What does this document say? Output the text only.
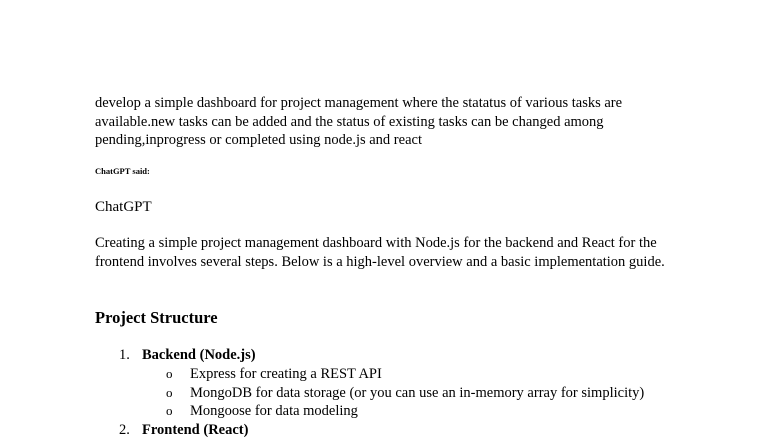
develop a simple dashboard for project management where the statatus of various tasks are available.new tasks can be added and the status of existing tasks can be changed among pending,inprogress or completed using node.js and react

ChatGPT said:

ChatGPT

Creating a simple project management dashboard with Node.js for the backend and React for the frontend involves several steps. Below is a high-level overview and a basic implementation guide.

Project Structure
1. Backend (Node.js)
o Express for creating a REST API
o MongoDB for data storage (or you can use an in-memory array for simplicity)
o Mongoose for data modeling
2. Frontend (React)
